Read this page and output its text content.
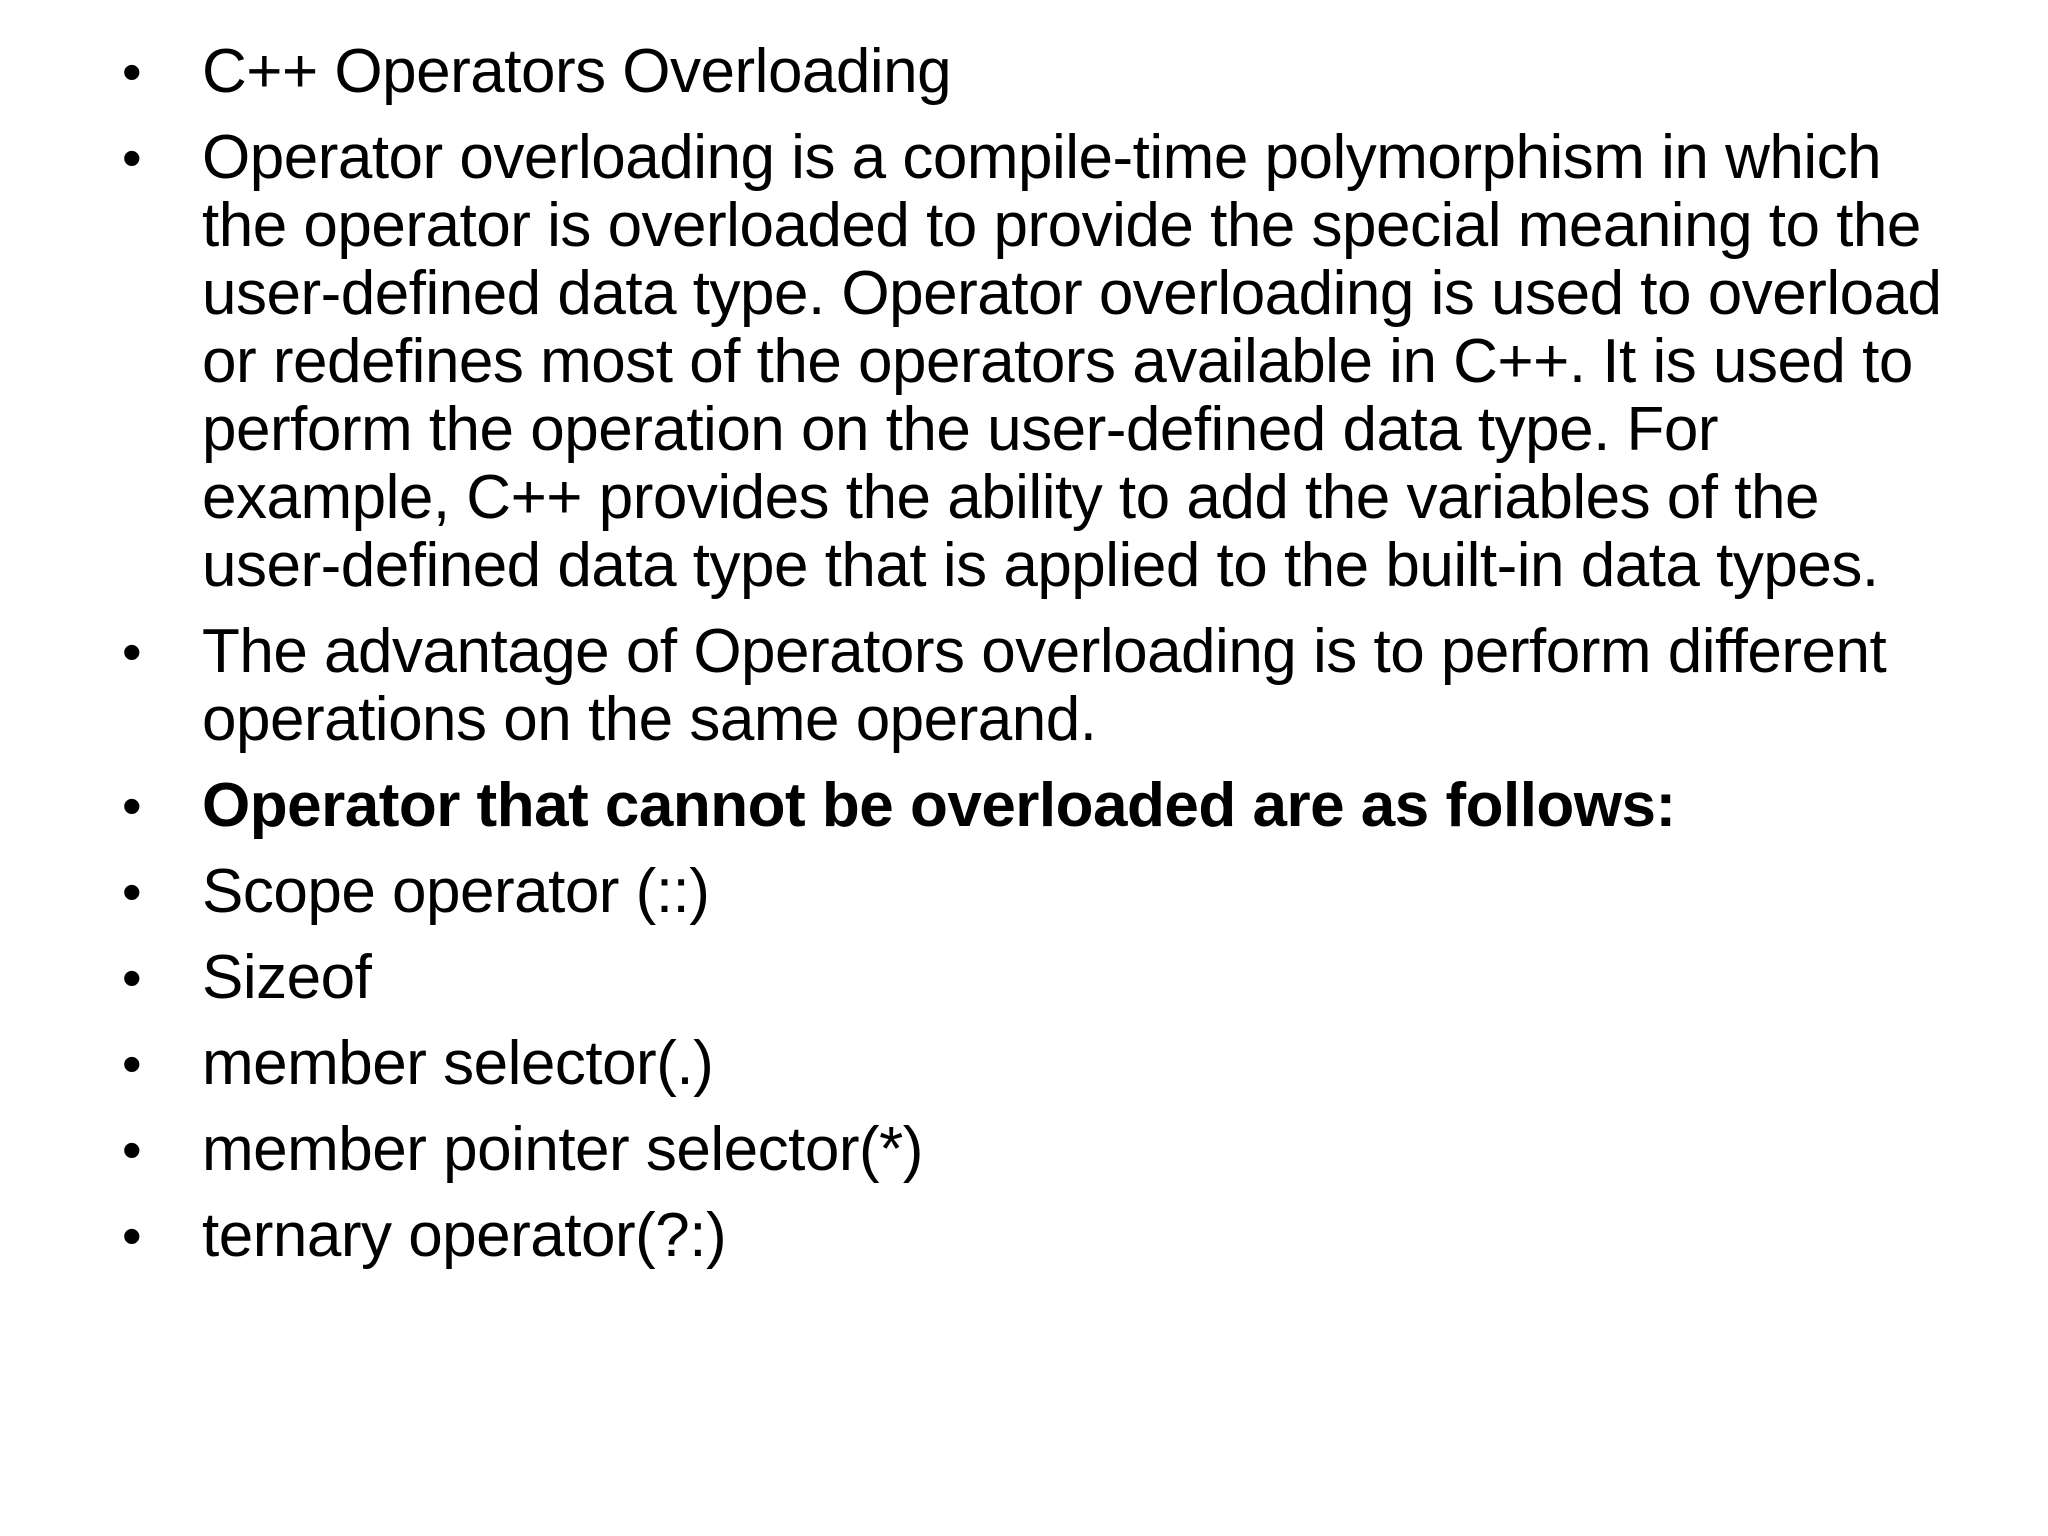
• C++ Operators Overloading
• Operator overloading is a compile-time polymorphism in which the operator is overloaded to provide the special meaning to the user-defined data type. Operator overloading is used to overload or redefines most of the operators available in C++. It is used to perform the operation on the user-defined data type. For example, C++ provides the ability to add the variables of the user-defined data type that is applied to the built-in data types.
• The advantage of Operators overloading is to perform different operations on the same operand.
• Operator that cannot be overloaded are as follows:
• Scope operator (::)
• Sizeof
• member selector(.)
• member pointer selector(*)
• ternary operator(?:)
